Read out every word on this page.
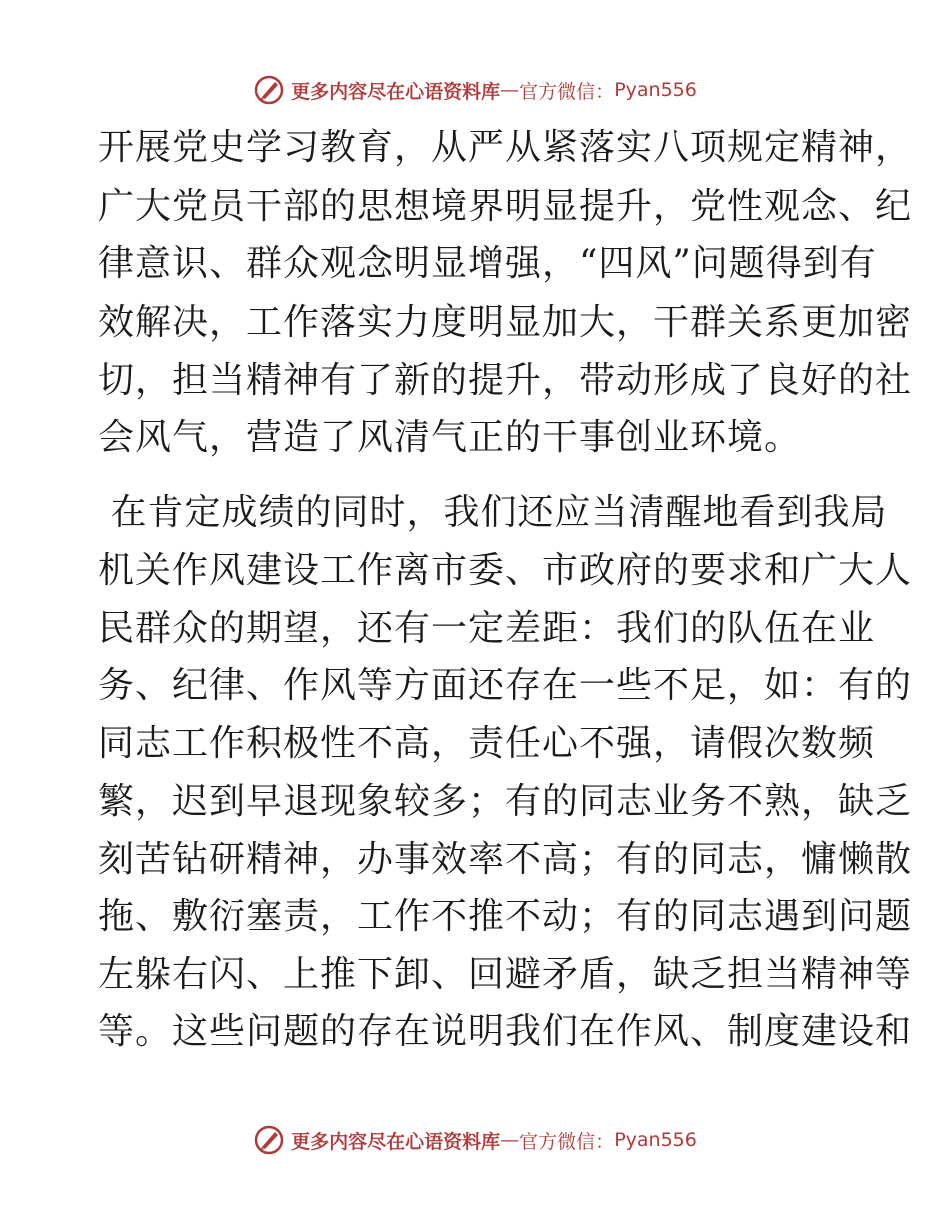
更多内容尽在心语资料库 — 官方微信： Pyan556
开展党史学习教育，从严从紧落实八项规定精神，
广大党员干部的思想境界明显提升，党性观念、纪
律意识、群众观念明显增强，“四风”问题得到有
效解决，工作落实力度明显加大，干群关系更加密
切，担当精神有了新的提升，带动形成了良好的社
会风气，营造了风清气正的干事创业环境。
在肯定成绩的同时，我们还应当清醒地看到我局
机关作风建设工作离市委、市政府的要求和广大人
民群众的期望，还有一定差距：我们的队伍在业
务、纪律、作风等方面还存在一些不足，如：有的
同志工作积极性不高，责任心不强，请假次数频
繁，迟到早退现象较多；有的同志业务不熟，缺乏
刻苦钻研精神，办事效率不高；有的同志，慵懒散
拖、敷衍塞责，工作不推不动；有的同志遇到问题
左躲右闪、上推下卸、回避矛盾，缺乏担当精神等
等。这些问题的存在说明我们在作风、制度建设和
更多内容尽在心语资料库 — 官方微信： Pyan556
